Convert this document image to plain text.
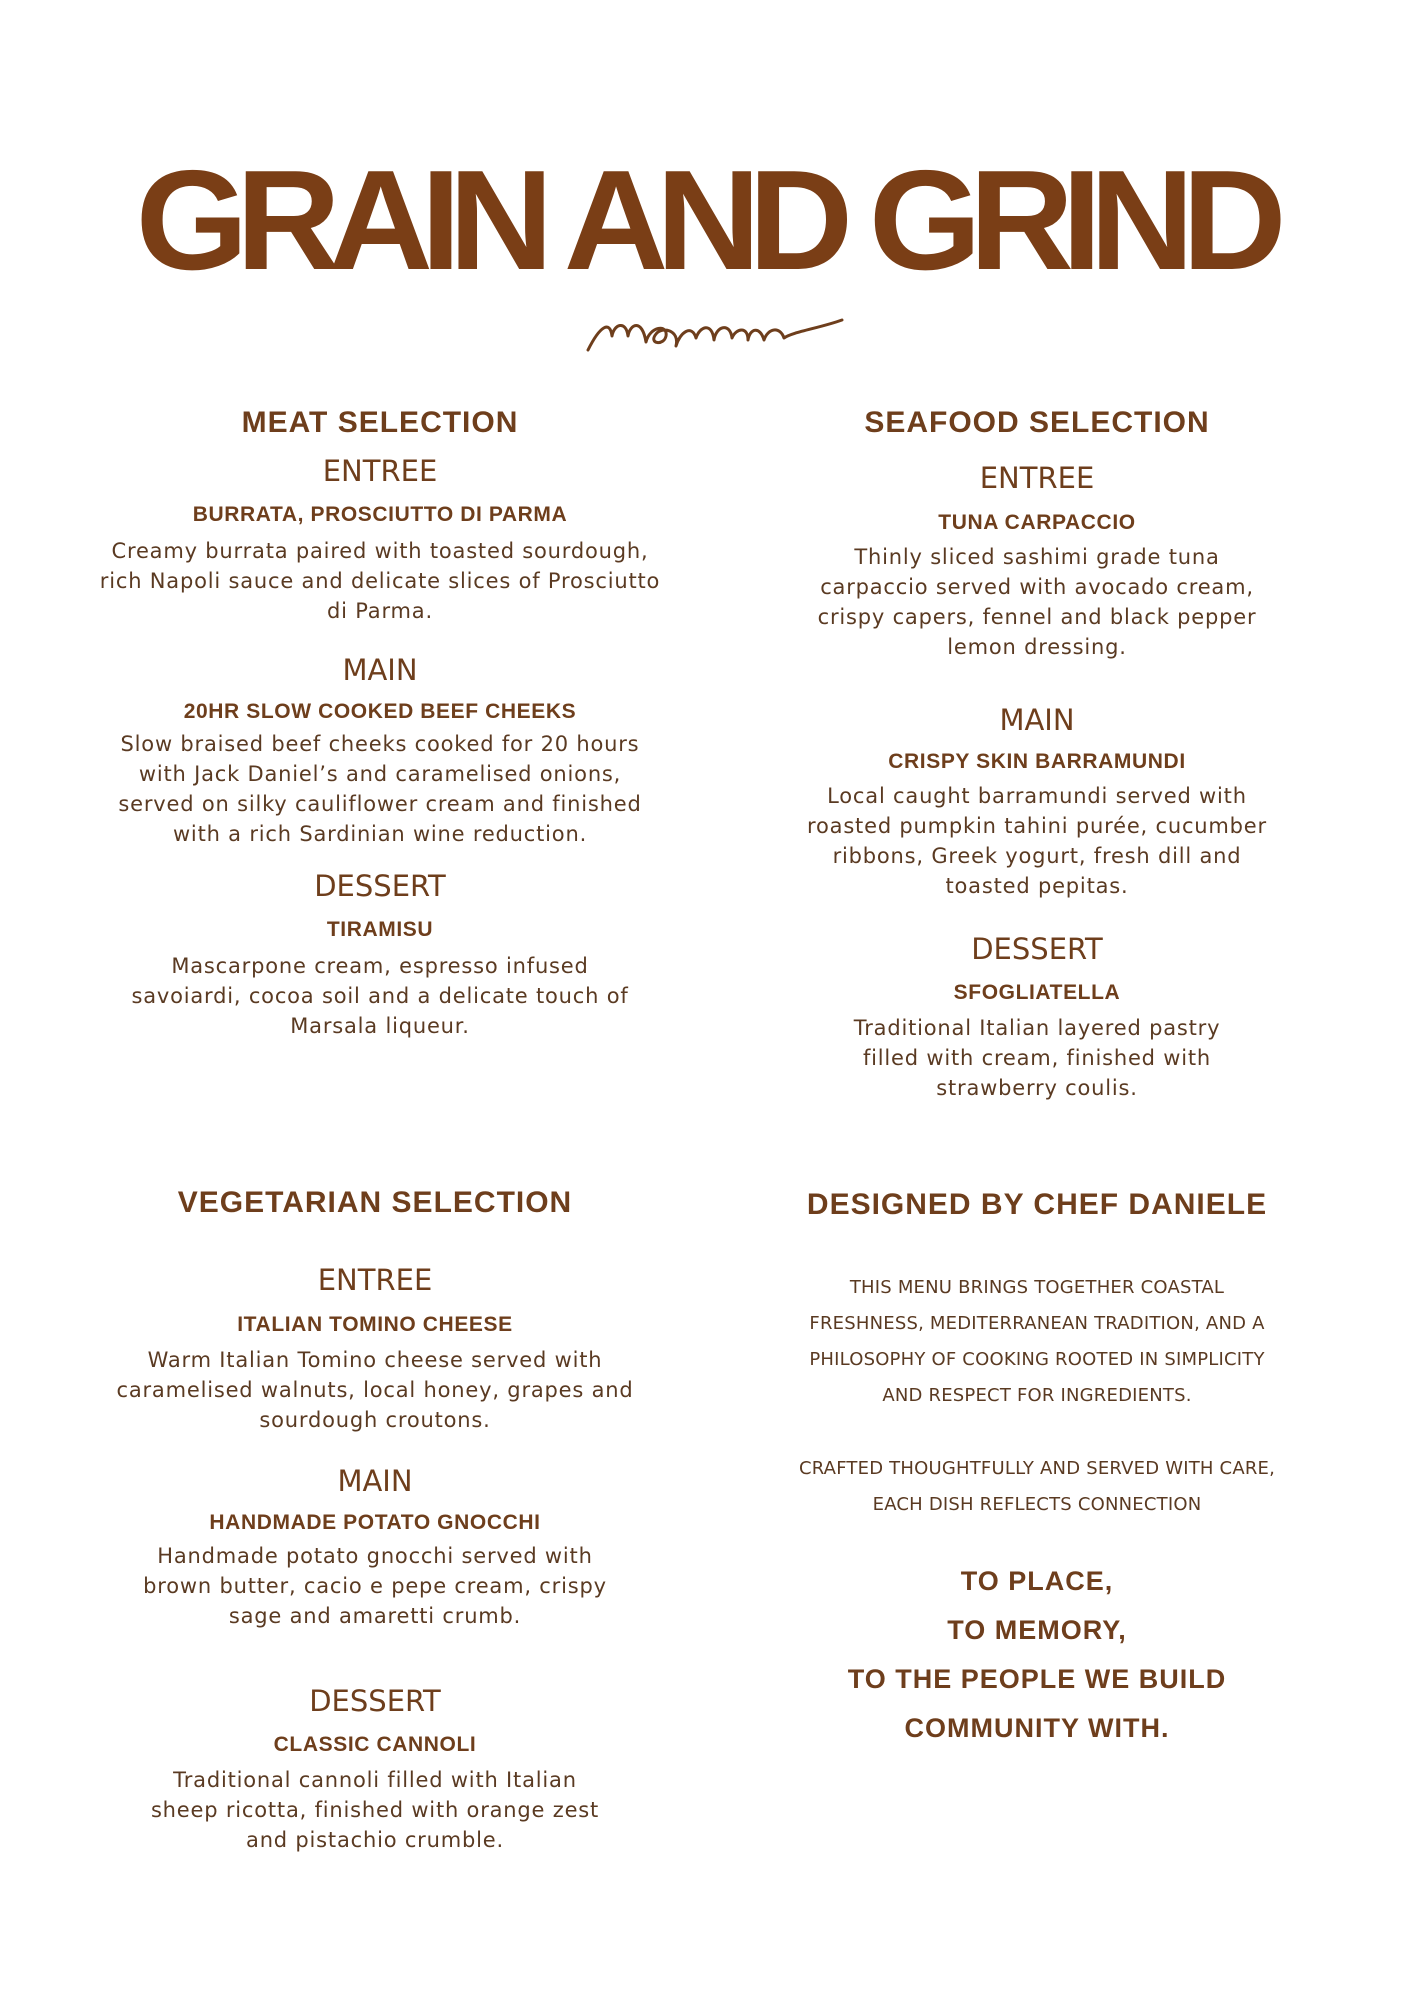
GRAIN AND GRIND
MEAT SELECTION
ENTREE
BURRATA, PROSCIUTTO DI PARMA

Creamy burrata paired with toasted sourdough,

rich Napoli sauce and delicate slices of Prosciutto

di Parma.

MAIN
20HR SLOW COOKED BEEF CHEEKS

Slow braised beef cheeks cooked for 20 hours

with Jack Daniel’s and caramelised onions,

served on silky cauliflower cream and finished

with a rich Sardinian wine reduction.

DESSERT
TIRAMISU

Mascarpone cream, espresso infused

savoiardi, cocoa soil and a delicate touch of

Marsala liqueur.

SEAFOOD SELECTION
ENTREE
TUNA CARPACCIO

Thinly sliced sashimi grade tuna

carpaccio served with avocado cream,

crispy capers, fennel and black pepper

lemon dressing.

MAIN
CRISPY SKIN BARRAMUNDI

Local caught barramundi served with

roasted pumpkin tahini purée, cucumber

ribbons, Greek yogurt, fresh dill and

toasted pepitas.

DESSERT
SFOGLIATELLA

Traditional Italian layered pastry

filled with cream, finished with

strawberry coulis.

VEGETARIAN SELECTION
ENTREE
ITALIAN TOMINO CHEESE

Warm Italian Tomino cheese served with

caramelised walnuts, local honey, grapes and

sourdough croutons.

MAIN
HANDMADE POTATO GNOCCHI

Handmade potato gnocchi served with

brown butter, cacio e pepe cream, crispy

sage and amaretti crumb.

DESSERT
CLASSIC CANNOLI

Traditional cannoli filled with Italian

sheep ricotta, finished with orange zest

and pistachio crumble.

DESIGNED BY CHEF DANIELE

THIS MENU BRINGS TOGETHER COASTAL

FRESHNESS, MEDITERRANEAN TRADITION, AND A

PHILOSOPHY OF COOKING ROOTED IN SIMPLICITY

AND RESPECT FOR INGREDIENTS.

CRAFTED THOUGHTFULLY AND SERVED WITH CARE,

EACH DISH REFLECTS CONNECTION

TO PLACE,

TO MEMORY,

TO THE PEOPLE WE BUILD

COMMUNITY WITH.
